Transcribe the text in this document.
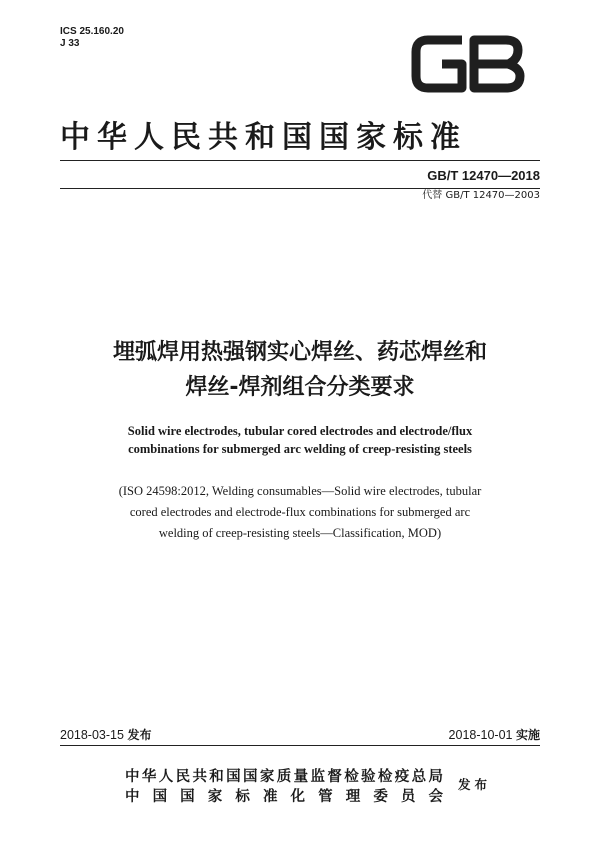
ICS 25.160.20
J 33
中华人民共和国国家标准
GB/T 12470—2018
代替 GB/T 12470—2003
埋弧焊用热强钢实心焊丝、药芯焊丝和
焊丝-焊剂组合分类要求
Solid wire electrodes, tubular cored electrodes and electrode/flux
combinations for submerged arc welding of creep-resisting steels
(ISO 24598:2012, Welding consumables—Solid wire electrodes, tubular
cored electrodes and electrode-flux combinations for submerged arc
welding of creep-resisting steels—Classification, MOD)
2018-03-15 发布	2018-10-01 实施
中华人民共和国国家质量监督检验检疫总局
中国国家标准化管理委员会
发布
